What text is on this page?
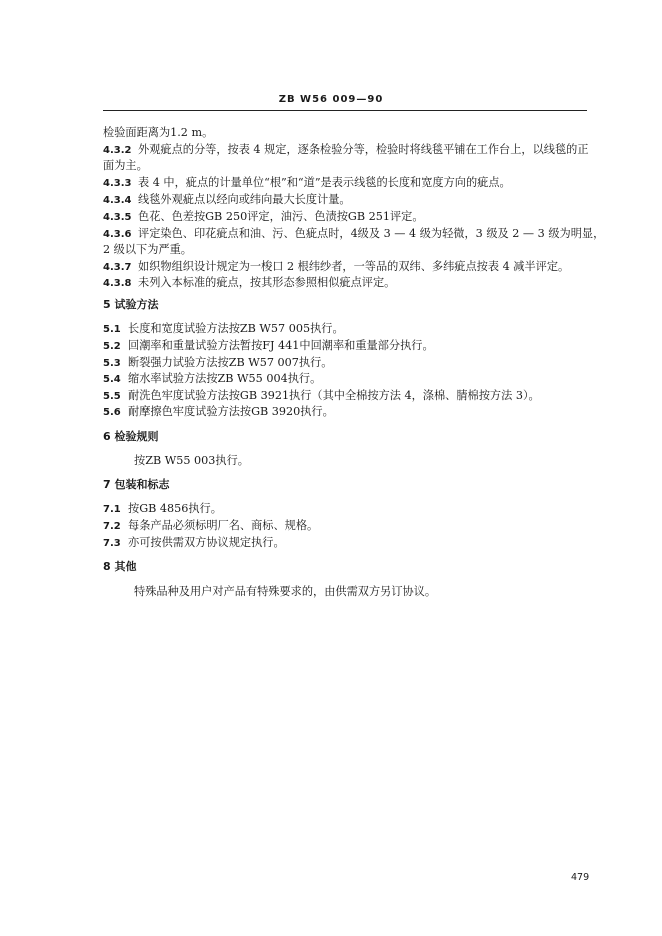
ZB W56 009—90
检验面距离为1.2 m。
4.3.2 外观疵点的分等，按表 4 规定，逐条检验分等，检验时将线毯平铺在工作台上，以线毯的正
面为主。
4.3.3 表 4 中，疵点的计量单位“根”和“道”是表示线毯的长度和宽度方向的疵点。
4.3.4 线毯外观疵点以经向或纬向最大长度计量。
4.3.5 色花、色差按GB 250评定，油污、色渍按GB 251评定。
4.3.6 评定染色、印花疵点和油、污、色疵点时，4级及 3 — 4 级为轻微，3 级及 2 — 3 级为明显，
2 级以下为严重。
4.3.7 如织物组织设计规定为一梭口 2 根纬纱者，一等品的双纬、多纬疵点按表 4 减半评定。
4.3.8 未列入本标准的疵点，按其形态参照相似疵点评定。
5 试验方法
5.1 长度和宽度试验方法按ZB W57 005执行。
5.2 回潮率和重量试验方法暂按FJ 441中回潮率和重量部分执行。
5.3 断裂强力试验方法按ZB W57 007执行。
5.4 缩水率试验方法按ZB W55 004执行。
5.5 耐洗色牢度试验方法按GB 3921执行（其中全棉按方法 4，涤棉、腈棉按方法 3）。
5.6 耐摩擦色牢度试验方法按GB 3920执行。
6 检验规则
按ZB W55 003执行。
7 包装和标志
7.1 按GB 4856执行。
7.2 每条产品必须标明厂名、商标、规格。
7.3 亦可按供需双方协议规定执行。
8 其他
特殊品种及用户对产品有特殊要求的，由供需双方另订协议。
479
